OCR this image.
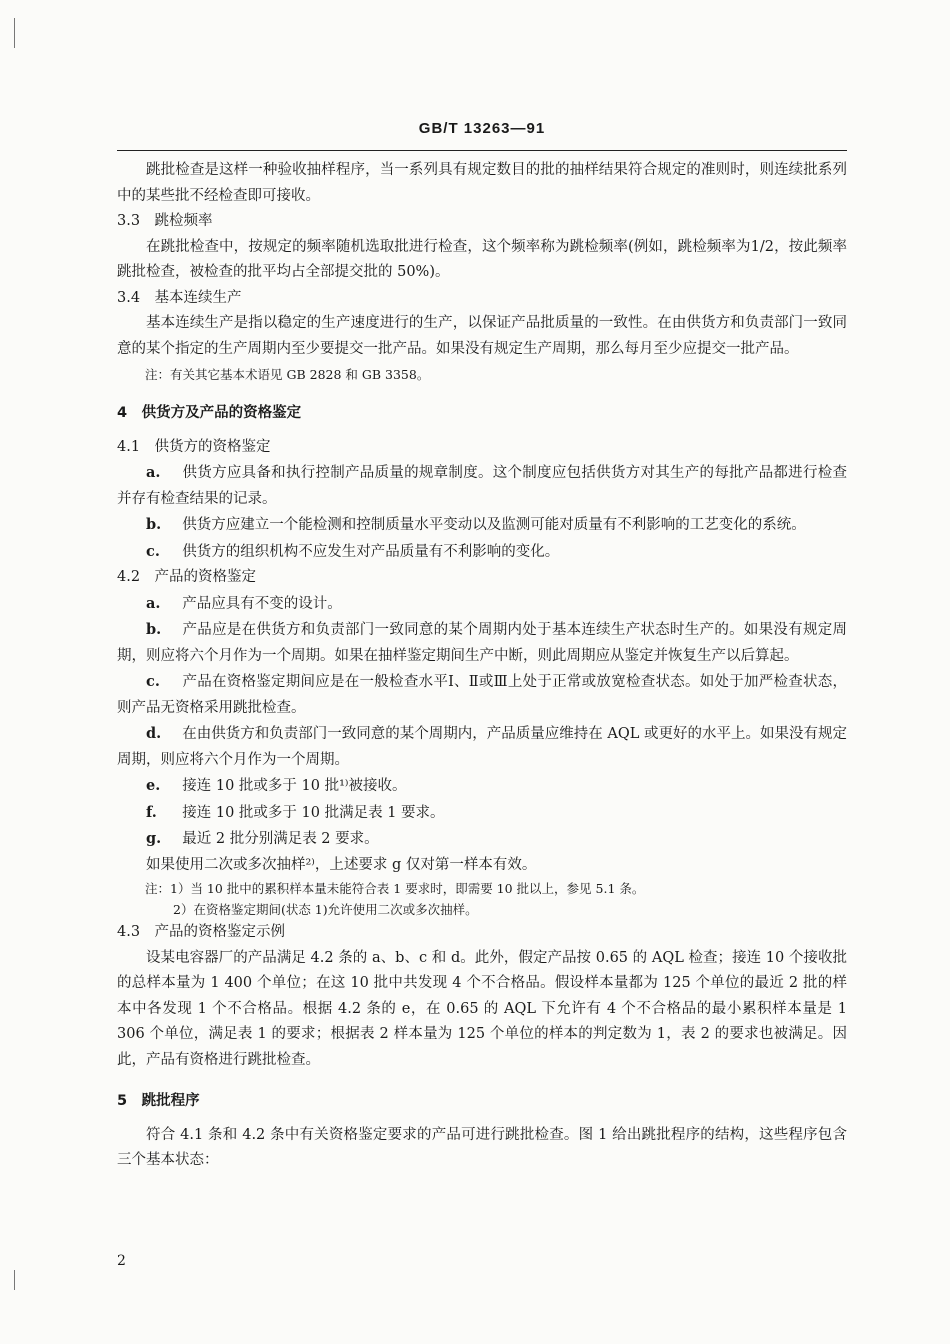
GB/T 13263—91

跳批检查是这样一种验收抽样程序，当一系列具有规定数目的批的抽样结果符合规定的准则时，则连续批系列中的某些批不经检查即可接收。

3.3　跳检频率

在跳批检查中，按规定的频率随机选取批进行检查，这个频率称为跳检频率(例如，跳检频率为1/2，按此频率跳批检查，被检查的批平均占全部提交批的 50%)。

3.4　基本连续生产

基本连续生产是指以稳定的生产速度进行的生产，以保证产品批质量的一致性。在由供货方和负责部门一致同意的某个指定的生产周期内至少要提交一批产品。如果没有规定生产周期，那么每月至少应提交一批产品。

注：有关其它基本术语见 GB 2828 和 GB 3358。

4　供货方及产品的资格鉴定

4.1　供货方的资格鉴定

a. 供货方应具备和执行控制产品质量的规章制度。这个制度应包括供货方对其生产的每批产品都进行检查并存有检查结果的记录。

b. 供货方应建立一个能检测和控制质量水平变动以及监测可能对质量有不利影响的工艺变化的系统。

c. 供货方的组织机构不应发生对产品质量有不利影响的变化。

4.2　产品的资格鉴定

a. 产品应具有不变的设计。

b. 产品应是在供货方和负责部门一致同意的某个周期内处于基本连续生产状态时生产的。如果没有规定周期，则应将六个月作为一个周期。如果在抽样鉴定期间生产中断，则此周期应从鉴定并恢复生产以后算起。

c. 产品在资格鉴定期间应是在一般检查水平Ⅰ、Ⅱ或Ⅲ上处于正常或放宽检查状态。如处于加严检查状态，则产品无资格采用跳批检查。

d. 在由供货方和负责部门一致同意的某个周期内，产品质量应维持在 AQL 或更好的水平上。如果没有规定周期，则应将六个月作为一个周期。

e. 接连 10 批或多于 10 批¹⁾被接收。

f. 接连 10 批或多于 10 批满足表 1 要求。

g. 最近 2 批分别满足表 2 要求。

如果使用二次或多次抽样²⁾，上述要求 g 仅对第一样本有效。

注：1）当 10 批中的累积样本量未能符合表 1 要求时，即需要 10 批以上，参见 5.1 条。

2）在资格鉴定期间(状态 1)允许使用二次或多次抽样。

4.3　产品的资格鉴定示例

设某电容器厂的产品满足 4.2 条的 a、b、c 和 d。此外，假定产品按 0.65 的 AQL 检查；接连 10 个接收批的总样本量为 1 400 个单位；在这 10 批中共发现 4 个不合格品。假设样本量都为 125 个单位的最近 2 批的样本中各发现 1 个不合格品。根据 4.2 条的 e，在 0.65 的 AQL 下允许有 4 个不合格品的最小累积样本量是 1 306 个单位，满足表 1 的要求；根据表 2 样本量为 125 个单位的样本的判定数为 1，表 2 的要求也被满足。因此，产品有资格进行跳批检查。

5　跳批程序

符合 4.1 条和 4.2 条中有关资格鉴定要求的产品可进行跳批检查。图 1 给出跳批程序的结构，这些程序包含三个基本状态：

2
